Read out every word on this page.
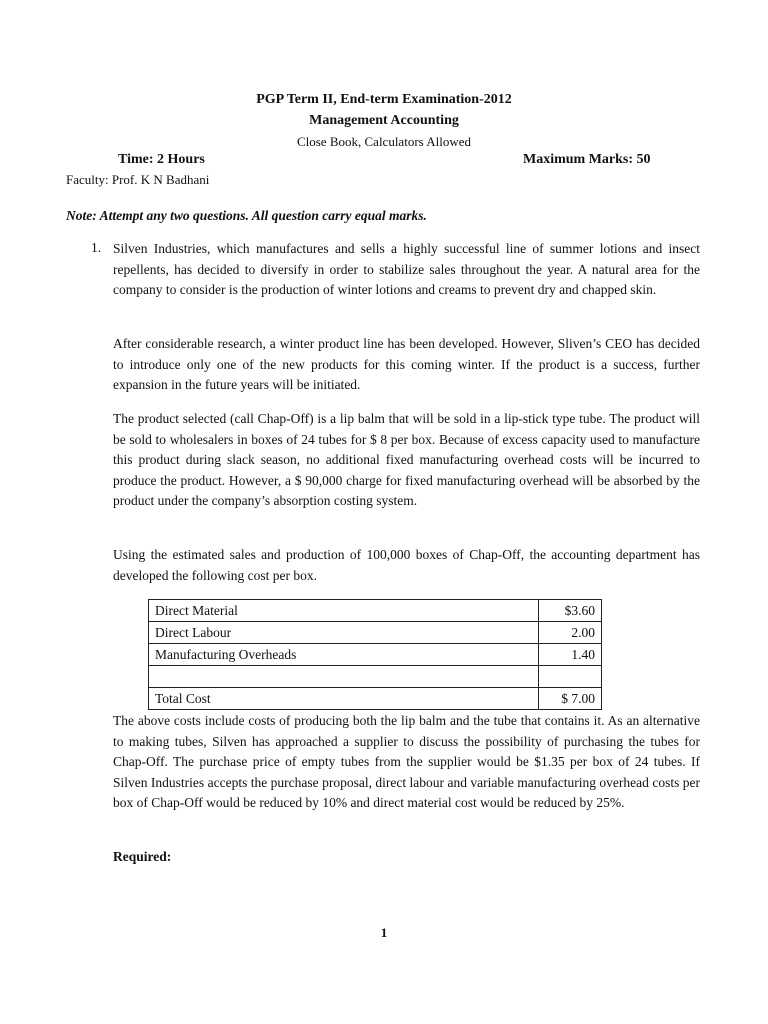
PGP Term II, End-term Examination-2012
Management Accounting
Close Book, Calculators Allowed
Time: 2 Hours	Maximum Marks: 50
Faculty: Prof. K N Badhani
Note: Attempt any two questions. All question carry equal marks.
1. Silven Industries, which manufactures and sells a highly successful line of summer lotions and insect repellents, has decided to diversify in order to stabilize sales throughout the year. A natural area for the company to consider is the production of winter lotions and creams to prevent dry and chapped skin.
After considerable research, a winter product line has been developed. However, Sliven’s CEO has decided to introduce only one of the new products for this coming winter. If the product is a success, further expansion in the future years will be initiated.
The product selected (call Chap-Off) is a lip balm that will be sold in a lip-stick type tube. The product will be sold to wholesalers in boxes of 24 tubes for $ 8 per box. Because of excess capacity used to manufacture this product during slack season, no additional fixed manufacturing overhead costs will be incurred to produce the product. However, a $ 90,000 charge for fixed manufacturing overhead will be absorbed by the product under the company’s absorption costing system.
Using the estimated sales and production of 100,000 boxes of Chap-Off, the accounting department has developed the following cost per box.
Direct Material	$3.60
Direct Labour	2.00
Manufacturing Overheads	1.40

Total Cost	$ 7.00
The above costs include costs of producing both the lip balm and the tube that contains it. As an alternative to making tubes, Silven has approached a supplier to discuss the possibility of purchasing the tubes for Chap-Off. The purchase price of empty tubes from the supplier would be $1.35 per box of 24 tubes. If Silven Industries accepts the purchase proposal, direct labour and variable manufacturing overhead costs per box of Chap-Off would be reduced by 10% and direct material cost would be reduced by 25%.
Required:
1
